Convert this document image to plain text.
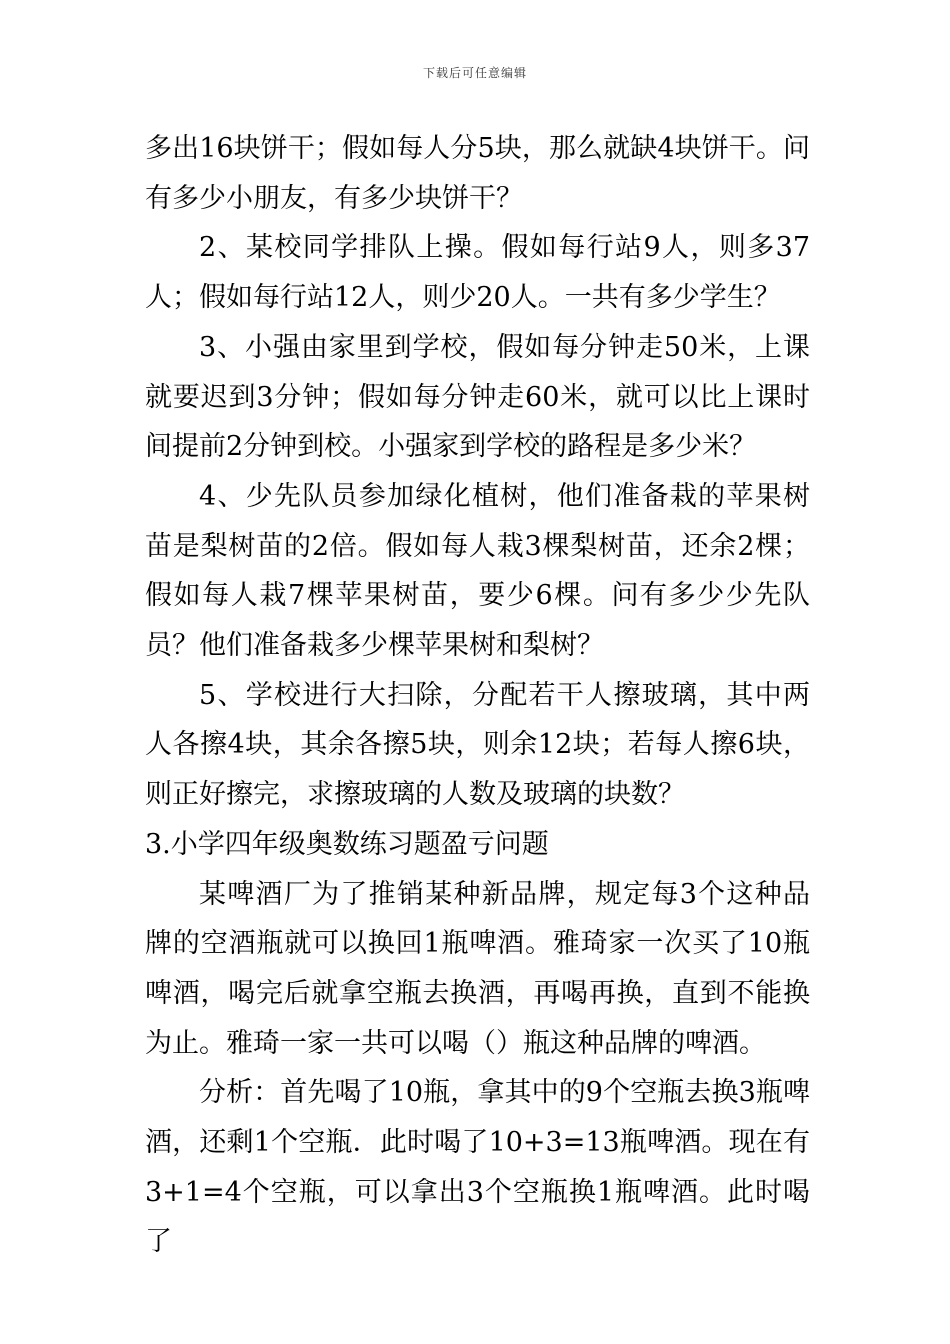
下载后可任意编辑

多出16块饼干；假如每人分5块，那么就缺4块饼干。问有多少小朋友，有多少块饼干？

2、某校同学排队上操。假如每行站9人，则多37人；假如每行站12人，则少20人。一共有多少学生？

3、小强由家里到学校，假如每分钟走50米，上课就要迟到3分钟；假如每分钟走60米，就可以比上课时间提前2分钟到校。小强家到学校的路程是多少米？

4、少先队员参加绿化植树，他们准备栽的苹果树苗是梨树苗的2倍。假如每人栽3棵梨树苗，还余2棵；假如每人栽7棵苹果树苗，要少6棵。问有多少少先队员？他们准备栽多少棵苹果树和梨树？

5、学校进行大扫除，分配若干人擦玻璃，其中两人各擦4块，其余各擦5块，则余12块；若每人擦6块，则正好擦完，求擦玻璃的人数及玻璃的块数？

3.小学四年级奥数练习题盈亏问题

某啤酒厂为了推销某种新品牌，规定每3个这种品牌的空酒瓶就可以换回1瓶啤酒。雅琦家一次买了10瓶啤酒，喝完后就拿空瓶去换酒，再喝再换，直到不能换为止。雅琦一家一共可以喝（）瓶这种品牌的啤酒。

分析：首先喝了10瓶，拿其中的9个空瓶去换3瓶啤酒，还剩1个空瓶．此时喝了10+3=13瓶啤酒。现在有3+1=4个空瓶，可以拿出3个空瓶换1瓶啤酒。此时喝了
